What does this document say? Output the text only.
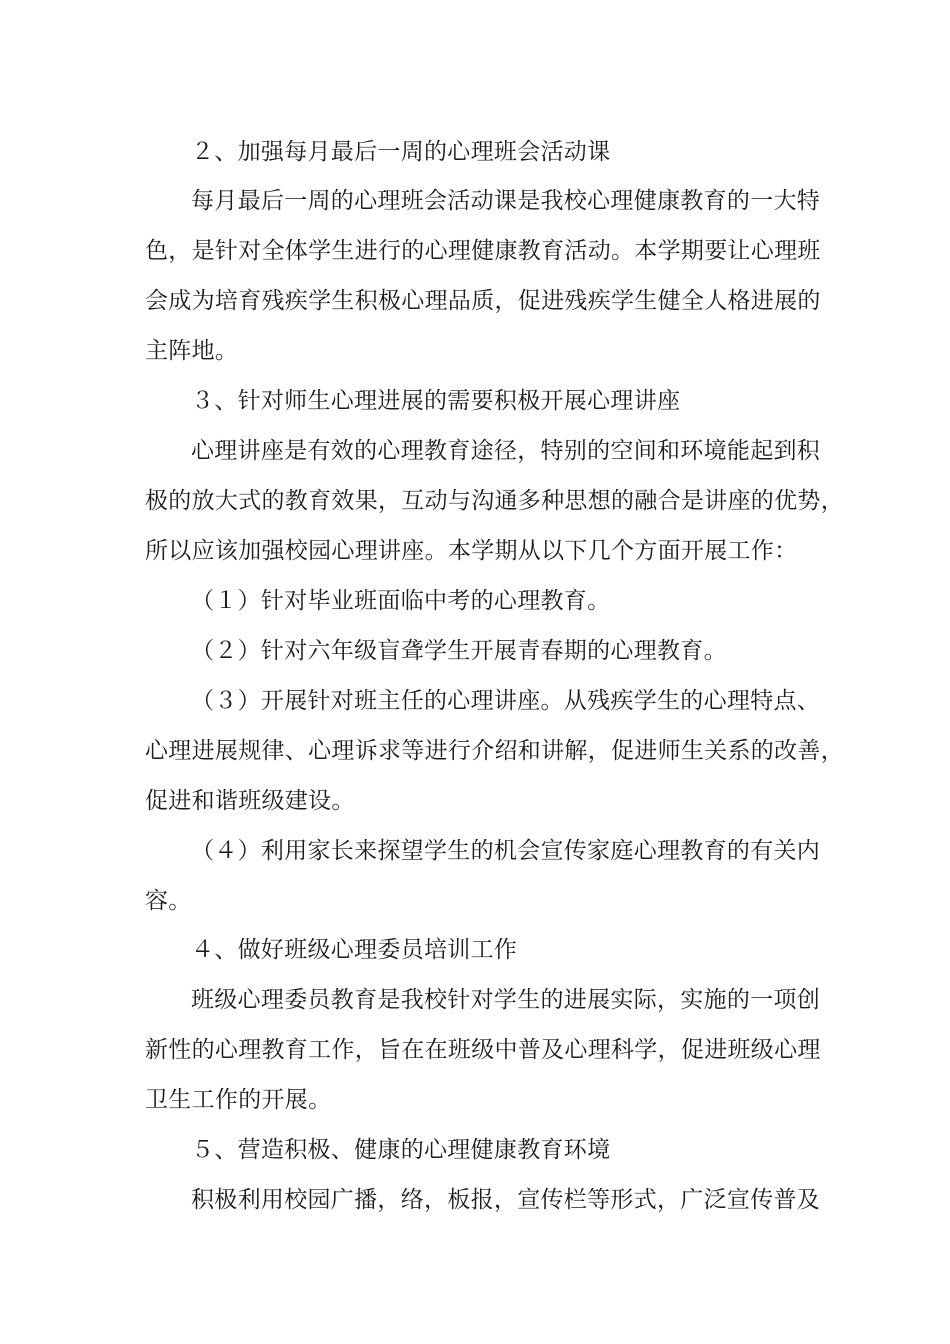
２、加强每月最后一周的心理班会活动课
每月最后一周的心理班会活动课是我校心理健康教育的一大特
色，是针对全体学生进行的心理健康教育活动。本学期要让心理班
会成为培育残疾学生积极心理品质，促进残疾学生健全人格进展的
主阵地。
３、针对师生心理进展的需要积极开展心理讲座
心理讲座是有效的心理教育途径，特别的空间和环境能起到积
极的放大式的教育效果，互动与沟通多种思想的融合是讲座的优势，
所以应该加强校园心理讲座。本学期从以下几个方面开展工作：
（１）针对毕业班面临中考的心理教育。
（２）针对六年级盲聋学生开展青春期的心理教育。
（３）开展针对班主任的心理讲座。从残疾学生的心理特点、
心理进展规律、心理诉求等进行介绍和讲解，促进师生关系的改善，
促进和谐班级建设。
（４）利用家长来探望学生的机会宣传家庭心理教育的有关内
容。
４、做好班级心理委员培训工作
班级心理委员教育是我校针对学生的进展实际，实施的一项创
新性的心理教育工作，旨在在班级中普及心理科学，促进班级心理
卫生工作的开展。
５、营造积极、健康的心理健康教育环境
积极利用校园广播，络，板报，宣传栏等形式，广泛宣传普及
